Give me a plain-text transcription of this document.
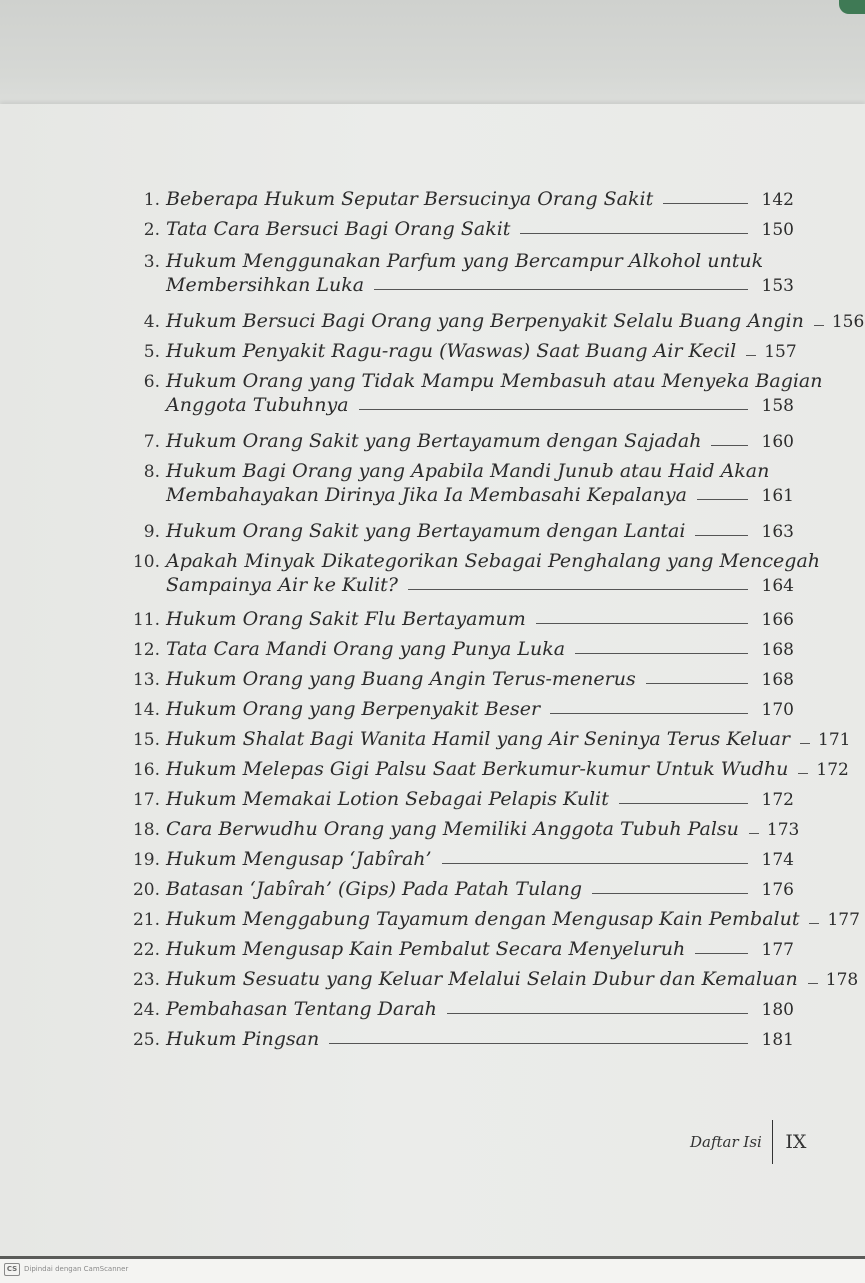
1. Beberapa Hukum Seputar Bersucinya Orang Sakit	142
2. Tata Cara Bersuci Bagi Orang Sakit	150
3. Hukum Menggunakan Parfum yang Bercampur Alkohol untuk
Membersihkan Luka	153
4. Hukum Bersuci Bagi Orang yang Berpenyakit Selalu Buang Angin 156
5. Hukum Penyakit Ragu-ragu (Waswas) Saat Buang Air Kecil 157
6. Hukum Orang yang Tidak Mampu Membasuh atau Menyeka Bagian
Anggota Tubuhnya	158
7. Hukum Orang Sakit yang Bertayamum dengan Sajadah	160
8. Hukum Bagi Orang yang Apabila Mandi Junub atau Haid Akan
Membahayakan Dirinya Jika Ia Membasahi Kepalanya	161
9. Hukum Orang Sakit yang Bertayamum dengan Lantai	163
10. Apakah Minyak Dikategorikan Sebagai Penghalang yang Mencegah
Sampainya Air ke Kulit?	164
11. Hukum Orang Sakit Flu Bertayamum	166
12. Tata Cara Mandi Orang yang Punya Luka	168
13. Hukum Orang yang Buang Angin Terus-menerus	168
14. Hukum Orang yang Berpenyakit Beser	170
15. Hukum Shalat Bagi Wanita Hamil yang Air Seninya Terus Keluar 171
16. Hukum Melepas Gigi Palsu Saat Berkumur-kumur Untuk Wudhu 172
17. Hukum Memakai Lotion Sebagai Pelapis Kulit	172
18. Cara Berwudhu Orang yang Memiliki Anggota Tubuh Palsu 173
19. Hukum Mengusap ‘Jabîrah’	174
20. Batasan ‘Jabîrah’ (Gips) Pada Patah Tulang	176
21. Hukum Menggabung Tayamum dengan Mengusap Kain Pembalut 177
22. Hukum Mengusap Kain Pembalut Secara Menyeluruh	177
23. Hukum Sesuatu yang Keluar Melalui Selain Dubur dan Kemaluan 178
24. Pembahasan Tentang Darah	180
25. Hukum Pingsan	181
Daftar Isi IX
CS Dipindai dengan CamScanner
